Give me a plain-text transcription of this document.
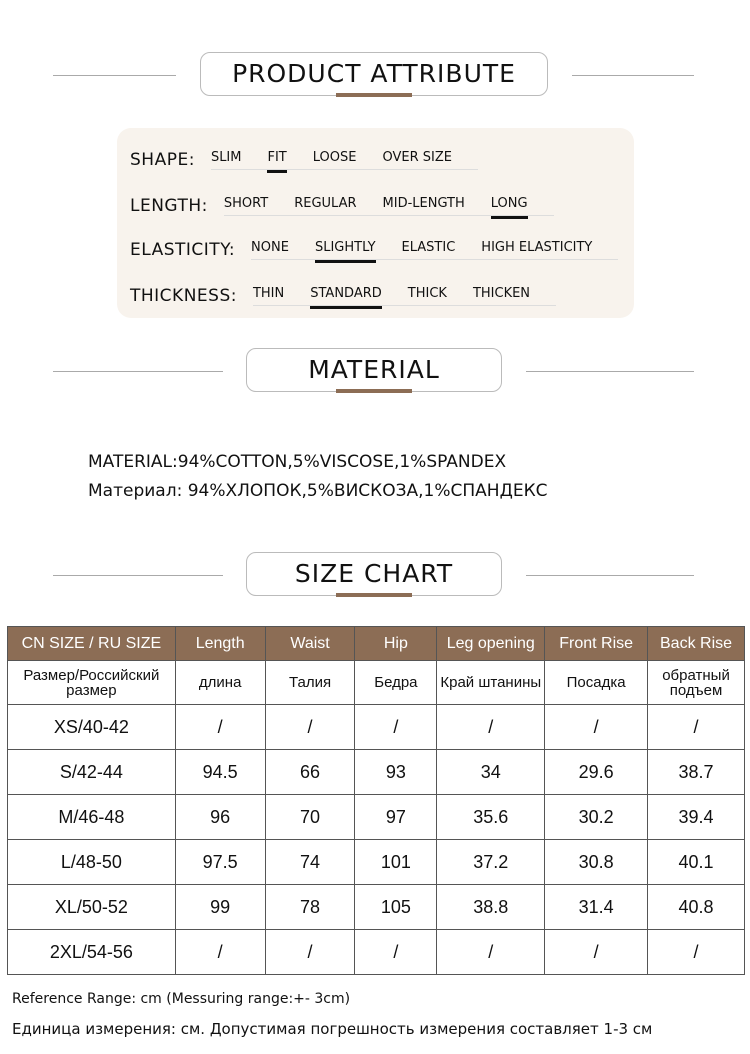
PRODUCT ATTRIBUTE
SHAPE: SLIM FIT LOOSE OVER SIZE
LENGTH: SHORT REGULAR MID-LENGTH LONG
ELASTICITY: NONE SLIGHTLY ELASTIC HIGH ELASTICITY
THICKNESS: THIN STANDARD THICK THICKEN
MATERIAL
MATERIAL:94%COTTON,5%VISCOSE,1%SPANDEX
Материал: 94%ХЛОПОК,5%ВИСКОЗА,1%СПАНДЕКС
SIZE CHART
CN SIZE / RU SIZE	Length	Waist	Hip	Leg opening	Front Rise	Back Rise
Размер/Российский размер	длина	Талия	Бедра	Край штанины	Посадка	обратный подъем
XS/40-42	/	/	/	/	/	/
S/42-44	94.5	66	93	34	29.6	38.7
M/46-48	96	70	97	35.6	30.2	39.4
L/48-50	97.5	74	101	37.2	30.8	40.1
XL/50-52	99	78	105	38.8	31.4	40.8
2XL/54-56	/	/	/	/	/	/
Reference Range: cm (Messuring range:+- 3cm)
Единица измерения: см. Допустимая погрешность измерения составляет 1-3 см
